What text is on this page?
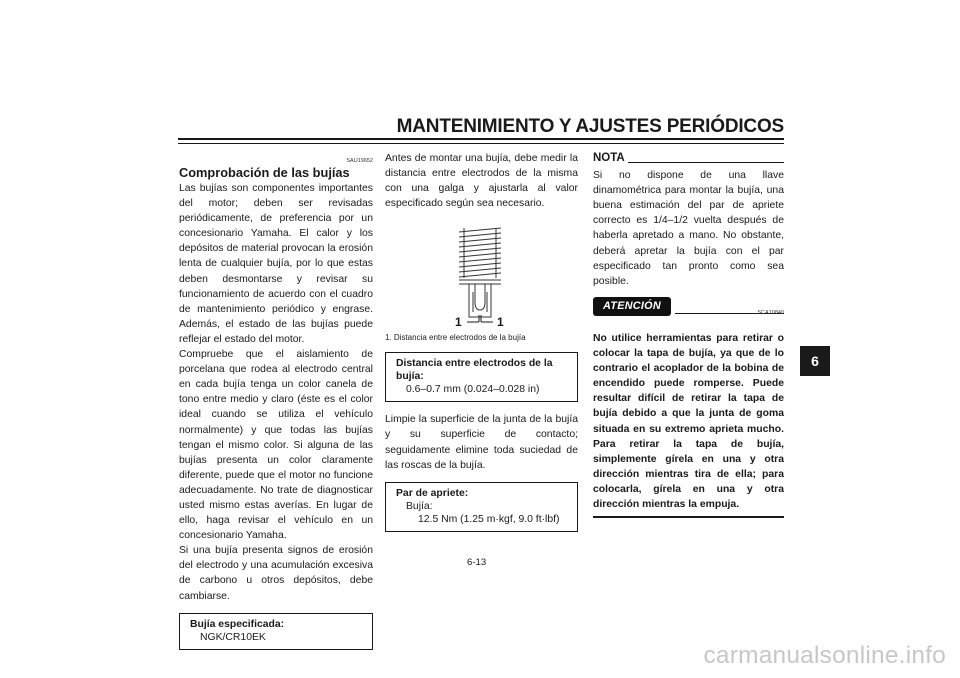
MANTENIMIENTO Y AJUSTES PERIÓDICOS
6
SAU19652
Comprobación de las bujías

Las bujías son componentes importantes del motor; deben ser revisadas periódicamente, de preferencia por un concesionario Yamaha. El calor y los depósitos de material provocan la erosión lenta de cualquier bujía, por lo que estas deben desmontarse y revisar su funcionamiento de acuerdo con el cuadro de mantenimiento periódico y engrase. Además, el estado de las bujías puede reflejar el estado del motor.

Compruebe que el aislamiento de porcelana que rodea al electrodo central en cada bujía tenga un color canela de tono entre medio y claro (éste es el color ideal cuando se utiliza el vehículo normalmente) y que todas las bujías tengan el mismo color. Si alguna de las bujías presenta un color claramente diferente, puede que el motor no funcione adecuadamente. No trate de diagnosticar usted mismo estas averías. En lugar de ello, haga revisar el vehículo en un concesionario Yamaha.

Si una bujía presenta signos de erosión del electrodo y una acumulación excesiva de carbono u otros depósitos, debe cambiarse.

Bujía especificada:
NGK/CR10EK

Antes de montar una bujía, debe medir la distancia entre electrodos de la misma con una galga y ajustarla al valor especificado según sea necesario.

1	1
1. Distancia entre electrodos de la bujía
Distancia entre electrodos de la bujía:
0.6–0.7 mm (0.024–0.028 in)

Limpie la superficie de la junta de la bujía y su superficie de contacto; seguidamente elimine toda suciedad de las roscas de la bujía.

Par de apriete:
Bujía:
12.5 Nm (1.25 m·kgf, 9.0 ft·lbf)
NOTA

Si no dispone de una llave dinamométrica para montar la bujía, una buena estimación del par de apriete correcto es 1/4–1/2 vuelta después de haberla apretado a mano. No obstante, deberá apretar la bujía con el par especificado tan pronto como sea posible.

ATENCIÓN
SCA10840

No utilice herramientas para retirar o colocar la tapa de bujía, ya que de lo contrario el acoplador de la bobina de encendido puede romperse. Puede resultar difícil de retirar la tapa de bujía debido a que la junta de goma situada en su extremo aprieta mucho. Para retirar la tapa de bujía, simplemente gírela en una y otra dirección mientras tira de ella; para colocarla, gírela en una y otra dirección mientras la empuja.

6-13
carmanualsonline.info
